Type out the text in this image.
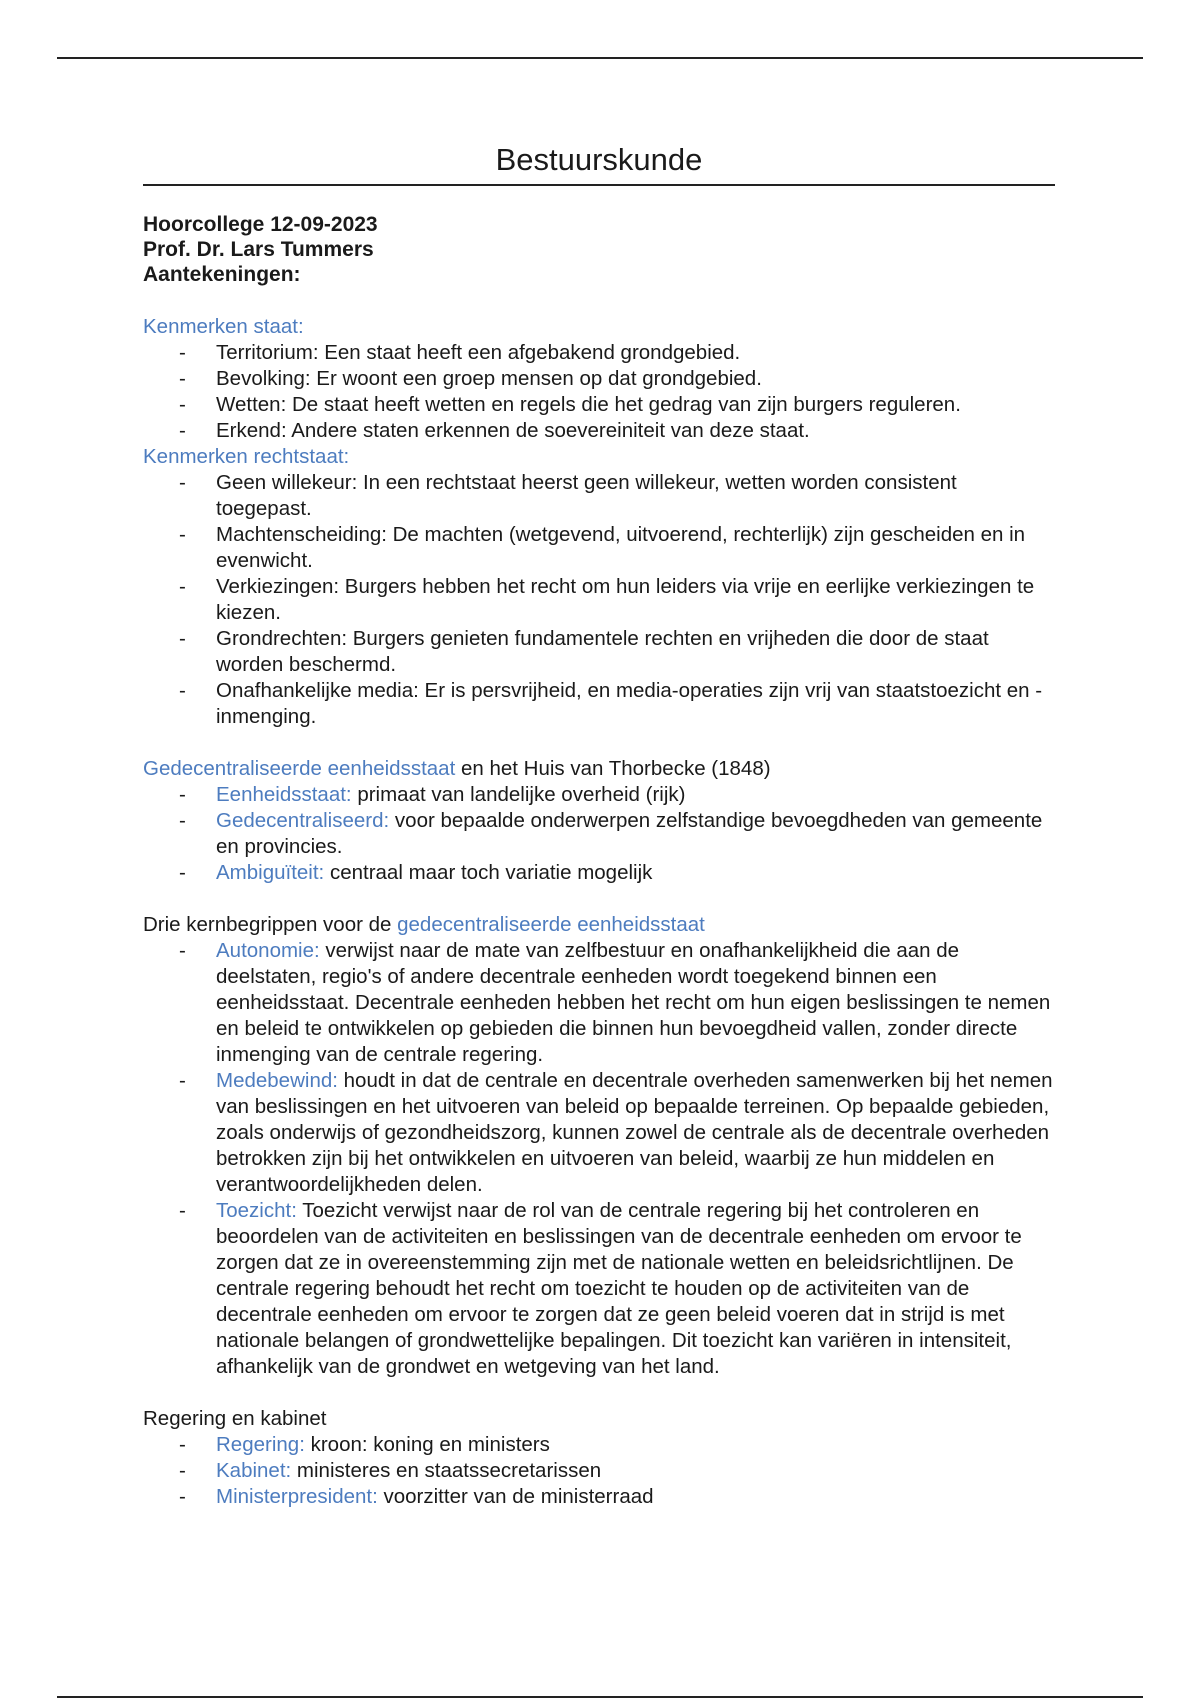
Bestuurskunde
Hoorcollege 12-09-2023
Prof. Dr. Lars Tummers
Aantekeningen:
Kenmerken staat:
- Territorium: Een staat heeft een afgebakend grondgebied.
- Bevolking: Er woont een groep mensen op dat grondgebied.
- Wetten: De staat heeft wetten en regels die het gedrag van zijn burgers reguleren.
- Erkend: Andere staten erkennen de soevereiniteit van deze staat.
Kenmerken rechtstaat:
- Geen willekeur: In een rechtstaat heerst geen willekeur, wetten worden consistent toegepast.
- Machtenscheiding: De machten (wetgevend, uitvoerend, rechterlijk) zijn gescheiden en in evenwicht.
- Verkiezingen: Burgers hebben het recht om hun leiders via vrije en eerlijke verkiezingen te kiezen.
- Grondrechten: Burgers genieten fundamentele rechten en vrijheden die door de staat worden beschermd.
- Onafhankelijke media: Er is persvrijheid, en media-operaties zijn vrij van staatstoezicht en -inmenging.
Gedecentraliseerde eenheidsstaat en het Huis van Thorbecke (1848)
- Eenheidsstaat: primaat van landelijke overheid (rijk)
- Gedecentraliseerd: voor bepaalde onderwerpen zelfstandige bevoegdheden van gemeente en provincies.
- Ambiguïteit: centraal maar toch variatie mogelijk
Drie kernbegrippen voor de gedecentraliseerde eenheidsstaat
- Autonomie: verwijst naar de mate van zelfbestuur en onafhankelijkheid die aan de deelstaten, regio's of andere decentrale eenheden wordt toegekend binnen een eenheidsstaat. Decentrale eenheden hebben het recht om hun eigen beslissingen te nemen en beleid te ontwikkelen op gebieden die binnen hun bevoegdheid vallen, zonder directe inmenging van de centrale regering.
- Medebewind: houdt in dat de centrale en decentrale overheden samenwerken bij het nemen van beslissingen en het uitvoeren van beleid op bepaalde terreinen. Op bepaalde gebieden, zoals onderwijs of gezondheidszorg, kunnen zowel de centrale als de decentrale overheden betrokken zijn bij het ontwikkelen en uitvoeren van beleid, waarbij ze hun middelen en verantwoordelijkheden delen.
- Toezicht: Toezicht verwijst naar de rol van de centrale regering bij het controleren en beoordelen van de activiteiten en beslissingen van de decentrale eenheden om ervoor te zorgen dat ze in overeenstemming zijn met de nationale wetten en beleidsrichtlijnen. De centrale regering behoudt het recht om toezicht te houden op de activiteiten van de decentrale eenheden om ervoor te zorgen dat ze geen beleid voeren dat in strijd is met nationale belangen of grondwettelijke bepalingen. Dit toezicht kan variëren in intensiteit, afhankelijk van de grondwet en wetgeving van het land.
Regering en kabinet
- Regering: kroon: koning en ministers
- Kabinet: ministeres en staatssecretarissen
- Ministerpresident: voorzitter van de ministerraad
